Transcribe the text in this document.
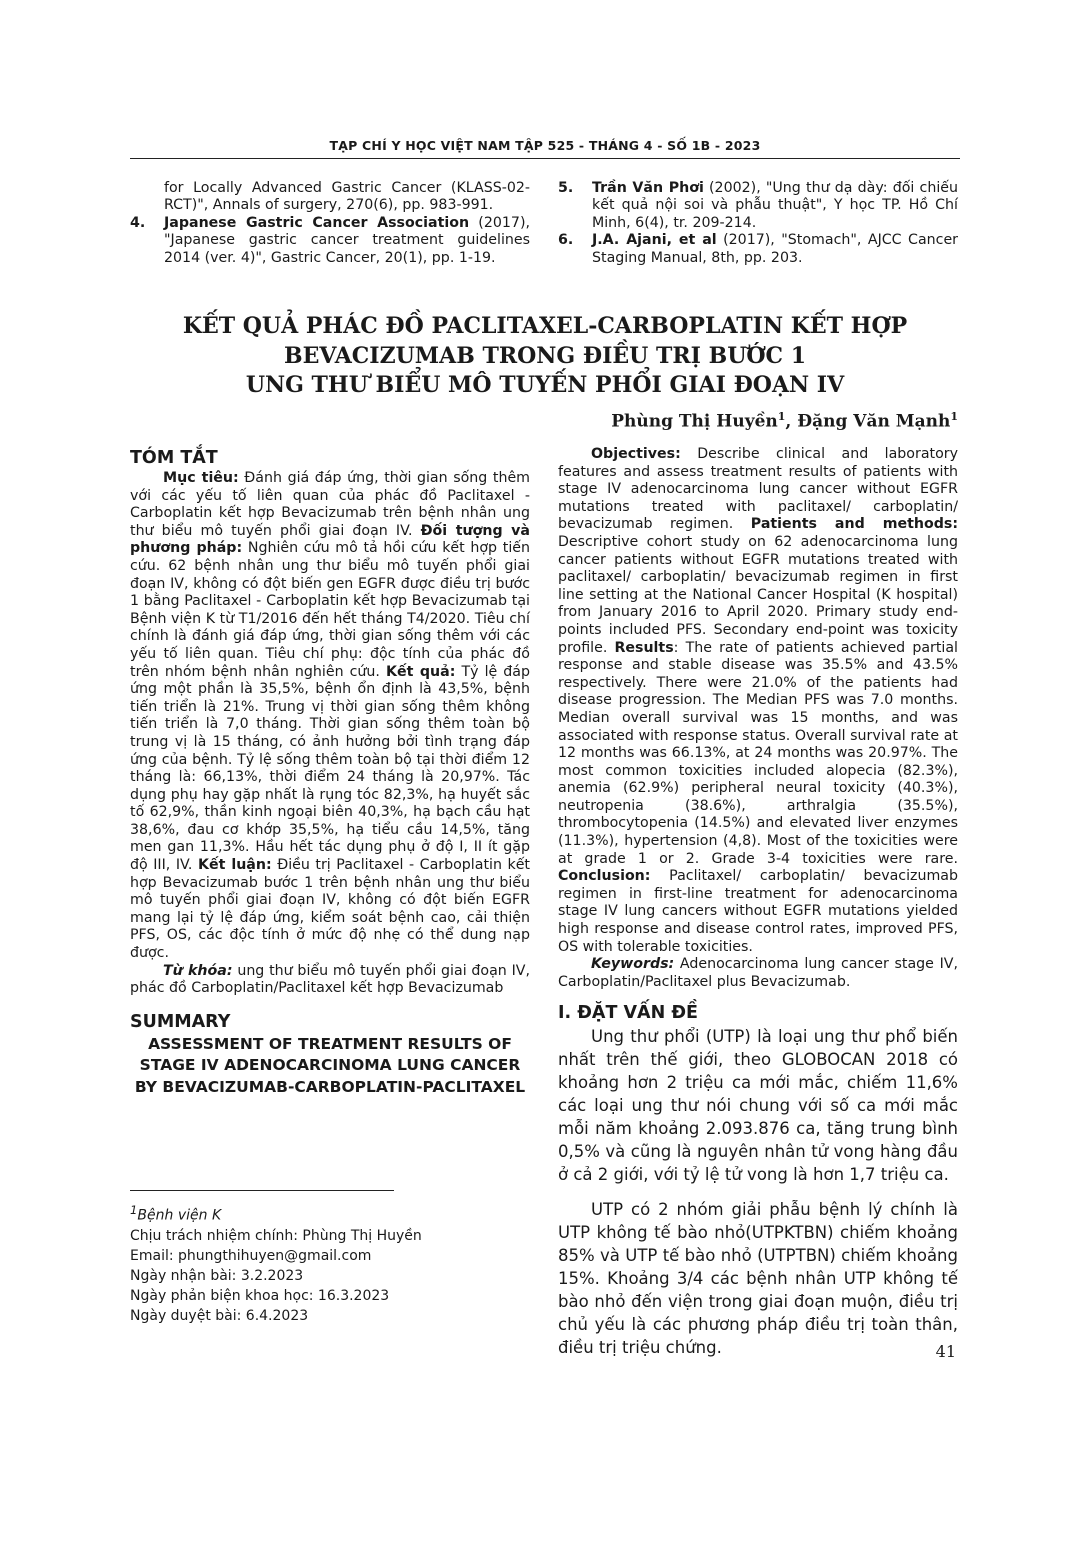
TẠP CHÍ Y HỌC VIỆT NAM TẬP 525 - THÁNG 4 - SỐ 1B - 2023
for Locally Advanced Gastric Cancer (KLASS-02-RCT)", Annals of surgery, 270(6), pp. 983-991.
4.	Japanese Gastric Cancer Association (2017), "Japanese gastric cancer treatment guidelines 2014 (ver. 4)", Gastric Cancer, 20(1), pp. 1-19.
5.	Trần Văn Phơi (2002), "Ung thư dạ dày: đối chiếu kết quả nội soi và phẫu thuật", Y học TP. Hồ Chí Minh, 6(4), tr. 209-214.
6.	J.A. Ajani, et al (2017), "Stomach", AJCC Cancer Staging Manual, 8th, pp. 203.
KẾT QUẢ PHÁC ĐỒ PACLITAXEL-CARBOPLATIN KẾT HỢP
BEVACIZUMAB TRONG ĐIỀU TRỊ BƯỚC 1
UNG THƯ BIỂU MÔ TUYẾN PHỔI GIAI ĐOẠN IV
Phùng Thị Huyền$^1$, Đặng Văn Mạnh$^1$
TÓM TẮT

Mục tiêu: Đánh giá đáp ứng, thời gian sống thêm với các yếu tố liên quan của phác đồ Paclitaxel - Carboplatin kết hợp Bevacizumab trên bệnh nhân ung thư biểu mô tuyến phổi giai đoạn IV. Đối tượng và phương pháp: Nghiên cứu mô tả hồi cứu kết hợp tiến cứu. 62 bệnh nhân ung thư biểu mô tuyến phổi giai đoạn IV, không có đột biến gen EGFR được điều trị bước 1 bằng Paclitaxel - Carboplatin kết hợp Bevacizumab tại Bệnh viện K từ T1/2016 đến hết tháng T4/2020. Tiêu chí chính là đánh giá đáp ứng, thời gian sống thêm với các yếu tố liên quan. Tiêu chí phụ: độc tính của phác đồ trên nhóm bệnh nhân nghiên cứu. Kết quả: Tỷ lệ đáp ứng một phần là 35,5%, bệnh ổn định là 43,5%, bệnh tiến triển là 21%. Trung vị thời gian sống thêm không tiến triển là 7,0 tháng. Thời gian sống thêm toàn bộ trung vị là 15 tháng, có ảnh hưởng bởi tình trạng đáp ứng của bệnh. Tỷ lệ sống thêm toàn bộ tại thời điểm 12 tháng là: 66,13%, thời điểm 24 tháng là 20,97%. Tác dụng phụ hay gặp nhất là rụng tóc 82,3%, hạ huyết sắc tố 62,9%, thần kinh ngoại biên 40,3%, hạ bạch cầu hạt 38,6%, đau cơ khớp 35,5%, hạ tiểu cầu 14,5%, tăng men gan 11,3%. Hầu hết tác dụng phụ ở độ I, II ít gặp độ III, IV. Kết luận: Điều trị Paclitaxel - Carboplatin kết hợp Bevacizumab bước 1 trên bệnh nhân ung thư biểu mô tuyến phổi giai đoạn IV, không có đột biến EGFR mang lại tỷ lệ đáp ứng, kiểm soát bệnh cao, cải thiện PFS, OS, các độc tính ở mức độ nhẹ có thể dung nạp được.

Từ khóa: ung thư biểu mô tuyến phổi giai đoạn IV, phác đồ Carboplatin/Paclitaxel kết hợp Bevacizumab

SUMMARY

ASSESSMENT OF TREATMENT RESULTS OF STAGE IV ADENOCARCINOMA LUNG CANCER BY BEVACIZUMAB-CARBOPLATIN-PACLITAXEL

$^1$Bệnh viện K
Chịu trách nhiệm chính: Phùng Thị Huyền
Email: phungthihuyen@gmail.com
Ngày nhận bài: 3.2.2023
Ngày phản biện khoa học: 16.3.2023
Ngày duyệt bài: 6.4.2023

Objectives: Describe clinical and laboratory features and assess treatment results of patients with stage IV adenocarcinoma lung cancer without EGFR mutations treated with paclitaxel/ carboplatin/ bevacizumab regimen. Patients and methods: Descriptive cohort study on 62 adenocarcinoma lung cancer patients without EGFR mutations treated with paclitaxel/ carboplatin/ bevacizumab regimen in first line setting at the National Cancer Hospital (K hospital) from January 2016 to April 2020. Primary study end-points included PFS. Secondary end-point was toxicity profile. Results: The rate of patients achieved partial response and stable disease was 35.5% and 43.5% respectively. There were 21.0% of the patients had disease progression. The Median PFS was 7.0 months. Median overall survival was 15 months, and was associated with response status. Overall survival rate at 12 months was 66.13%, at 24 months was 20.97%. The most common toxicities included alopecia (82.3%), anemia (62.9%) peripheral neural toxicity (40.3%), neutropenia (38.6%), arthralgia (35.5%), thrombocytopenia (14.5%) and elevated liver enzymes (11.3%), hypertension (4,8). Most of the toxicities were at grade 1 or 2. Grade 3-4 toxicities were rare. Conclusion: Paclitaxel/ carboplatin/ bevacizumab regimen in first-line treatment for adenocarcinoma stage IV lung cancers without EGFR mutations yielded high response and disease control rates, improved PFS, OS with tolerable toxicities.

Keywords: Adenocarcinoma lung cancer stage IV, Carboplatin/Paclitaxel plus Bevacizumab.

I. ĐẶT VẤN ĐỀ

Ung thư phổi (UTP) là loại ung thư phổ biến nhất trên thế giới, theo GLOBOCAN 2018 có khoảng hơn 2 triệu ca mới mắc, chiếm 11,6% các loại ung thư nói chung với số ca mới mắc mỗi năm khoảng 2.093.876 ca, tăng trung bình 0,5% và cũng là nguyên nhân tử vong hàng đầu ở cả 2 giới, với tỷ lệ tử vong là hơn 1,7 triệu ca.

UTP có 2 nhóm giải phẫu bệnh lý chính là UTP không tế bào nhỏ(UTPKTBN) chiếm khoảng 85% và UTP tế bào nhỏ (UTPTBN) chiếm khoảng 15%. Khoảng 3/4 các bệnh nhân UTP không tế bào nhỏ đến viện trong giai đoạn muộn, điều trị chủ yếu là các phương pháp điều trị toàn thân, điều trị triệu chứng.	41
